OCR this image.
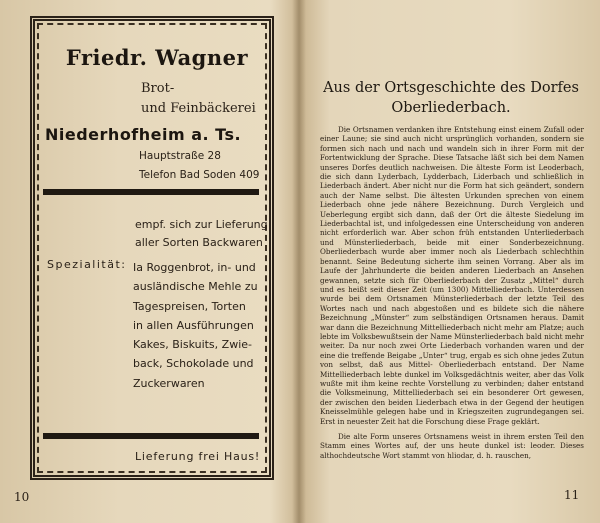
Friedr. Wagner
Brot-
und Feinbäckerei
Niederhofheim a. Ts.
Hauptstraße 28
Telefon Bad Soden 409
empf. sich zur Lieferung
aller Sorten Backwaren
Spezialität: Ia Roggenbrot, in- und
ausländische Mehle zu
Tagespreisen, Torten
in allen Ausführungen
Kakes, Biskuits, Zwie-
back, Schokolade und
Zuckerwaren
Lieferung frei Haus!
10
Aus der Ortsgeschichte des Dorfes
Oberliederbach.

Die Ortsnamen verdanken ihre Entstehung einst einem Zufall oder einer Laune; sie sind auch nicht ursprünglich vorhanden, sondern sie formen sich nach und nach und wandeln sich in ihrer Form mit der Fortentwicklung der Sprache. Diese Tatsache läßt sich bei dem Namen unseres Dorfes deutlich nachweisen. Die älteste Form ist Leoderbach, die sich dann Lyderbach, Lydderbach, Liderbach und schließlich in Liederbach ändert. Aber nicht nur die Form hat sich geändert, sondern auch der Name selbst. Die ältesten Urkunden sprechen von einem Liederbach ohne jede nähere Bezeichnung. Durch Vergleich und Ueberlegung ergibt sich dann, daß der Ort die älteste Siedelung im Liederbachtal ist, und infolgedessen eine Unterscheidung von anderen nicht erforderlich war. Aber schon früh entstanden Unterliederbach und Münsterliederbach, beide mit einer Sonderbezeichnung. Oberliederbach wurde aber immer noch als Liederbach schlechthin benannt. Seine Bedeutung sicherte ihm seinen Vorrang. Aber als im Laufe der Jahrhunderte die beiden anderen Liederbach an Ansehen gewannen, setzte sich für Oberliederbach der Zusatz „Mittel“ durch und es heißt seit dieser Zeit (um 1300) Mittelliederbach. Unterdessen wurde bei dem Ortsnamen Münsterliederbach der letzte Teil des Wortes nach und nach abgestoßen und es bildete sich die nähere Bezeichnung „Münster“ zum selbständigen Ortsnamen heraus. Damit war dann die Bezeichnung Mittelliederbach nicht mehr am Platze; auch lebte im Volksbewußtsein der Name Münsterliederbach bald nicht mehr weiter. Da nur noch zwei Orte Liederbach vorhanden waren und der eine die treffende Beigabe „Unter“ trug, ergab es sich ohne jedes Zutun von selbst, daß aus Mittel- Oberliederbach entstand. Der Name Mittelliederbach lebte dunkel im Volksgedächtnis weiter, aber das Volk wußte mit ihm keine rechte Vorstellung zu verbinden; daher entstand die Volksmeinung, Mittelliederbach sei ein besonderer Ort gewesen, der zwischen den beiden Liederbach etwa in der Gegend der heutigen Kneisselmühle gelegen habe und in Kriegszeiten zugrundegangen sei. Erst in neuester Zeit hat die Forschung diese Frage geklärt.

Die alte Form unseres Ortsnamens weist in ihrem ersten Teil den Stamm eines Wortes auf, der uns heute dunkel ist: leoder. Dieses althochdeutsche Wort stammt von hliodar, d. h. rauschen,

11
